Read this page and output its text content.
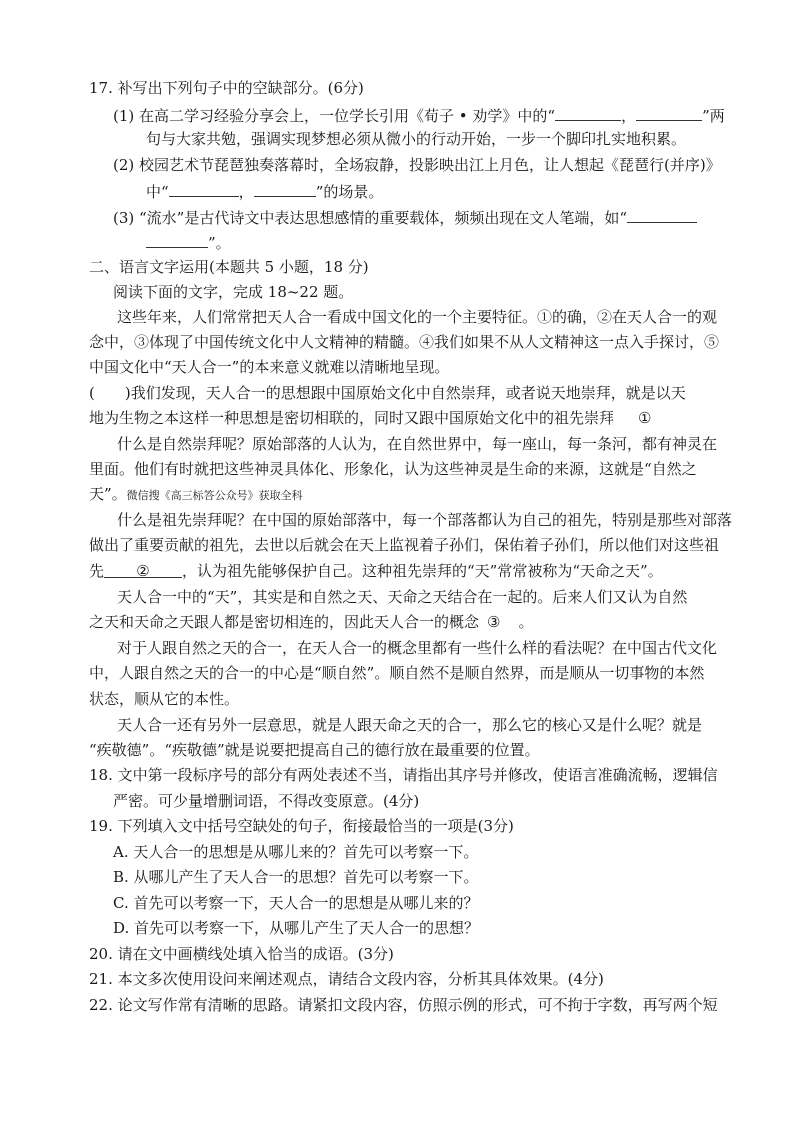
17. 补写出下列句子中的空缺部分。(6分)
(1) 在高二学习经验分享会上，一位学长引用《荀子 • 劝学》中的“	，	”两
句与大家共勉，强调实现梦想必须从微小的行动开始，一步一个脚印扎实地积累。
(2) 校园艺术节琵琶独奏落幕时，全场寂静，投影映出江上月色，让人想起《琵琶行(并序)》
中“	，	”的场景。
(3) “流水”是古代诗文中表达思想感情的重要载体，频频出现在文人笔端，如“
”。
二、语言文字运用(本题共 5 小题，18 分)
阅读下面的文字，完成 18~22 题。
这些年来，人们常常把天人合一看成中国文化的一个主要特征。①的确，②在天人合一的观
念中，③体现了中国传统文化中人文精神的精髓。④我们如果不从人文精神这一点入手探讨，⑤
中国文化中“天人合一”的本来意义就难以清晰地呈现。
(　　)我们发现，天人合一的思想跟中国原始文化中自然崇拜，或者说天地崇拜，就是以天
地为生物之本这样一种思想是密切相联的，同时又跟中国原始文化中的祖先崇拜 ①
什么是自然崇拜呢？原始部落的人认为，在自然世界中，每一座山，每一条河，都有神灵在
里面。他们有时就把这些神灵具体化、形象化，认为这些神灵是生命的来源，这就是“自然之
天”。微信搜《高三标答公众号》获取全科
什么是祖先崇拜呢？在中国的原始部落中，每一个部落都认为自己的祖先，特别是那些对部落
做出了重要贡献的祖先，去世以后就会在天上监视着子孙们，保佑着子孙们，所以他们对这些祖
先 ② ，认为祖先能够保护自己。这种祖先崇拜的“天”常常被称为“天命之天”。
天人合一中的“天”，其实是和自然之天、天命之天结合在一起的。后来人们又认为自然
之天和天命之天跟人都是密切相连的，因此天人合一的概念 ③ 。
对于人跟自然之天的合一，在天人合一的概念里都有一些什么样的看法呢？在中国古代文化
中，人跟自然之天的合一的中心是“顺自然”。顺自然不是顺自然界，而是顺从一切事物的本然
状态，顺从它的本性。
天人合一还有另外一层意思，就是人跟天命之天的合一，那么它的核心又是什么呢？就是
“疾敬德”。“疾敬德”就是说要把提高自己的德行放在最重要的位置。
18. 文中第一段标序号的部分有两处表述不当，请指出其序号并修改，使语言准确流畅，逻辑信
严密。可少量增删词语，不得改变原意。(4分)
19. 下列填入文中括号空缺处的句子，衔接最恰当的一项是(3分)
A. 天人合一的思想是从哪儿来的？首先可以考察一下。
B. 从哪儿产生了天人合一的思想？首先可以考察一下。
C. 首先可以考察一下，天人合一的思想是从哪儿来的？
D. 首先可以考察一下，从哪儿产生了天人合一的思想？
20. 请在文中画横线处填入恰当的成语。(3分)
21. 本文多次使用设问来阐述观点，请结合文段内容，分析其具体效果。(4分)
22. 论文写作常有清晰的思路。请紧扣文段内容，仿照示例的形式，可不拘于字数，再写两个短
